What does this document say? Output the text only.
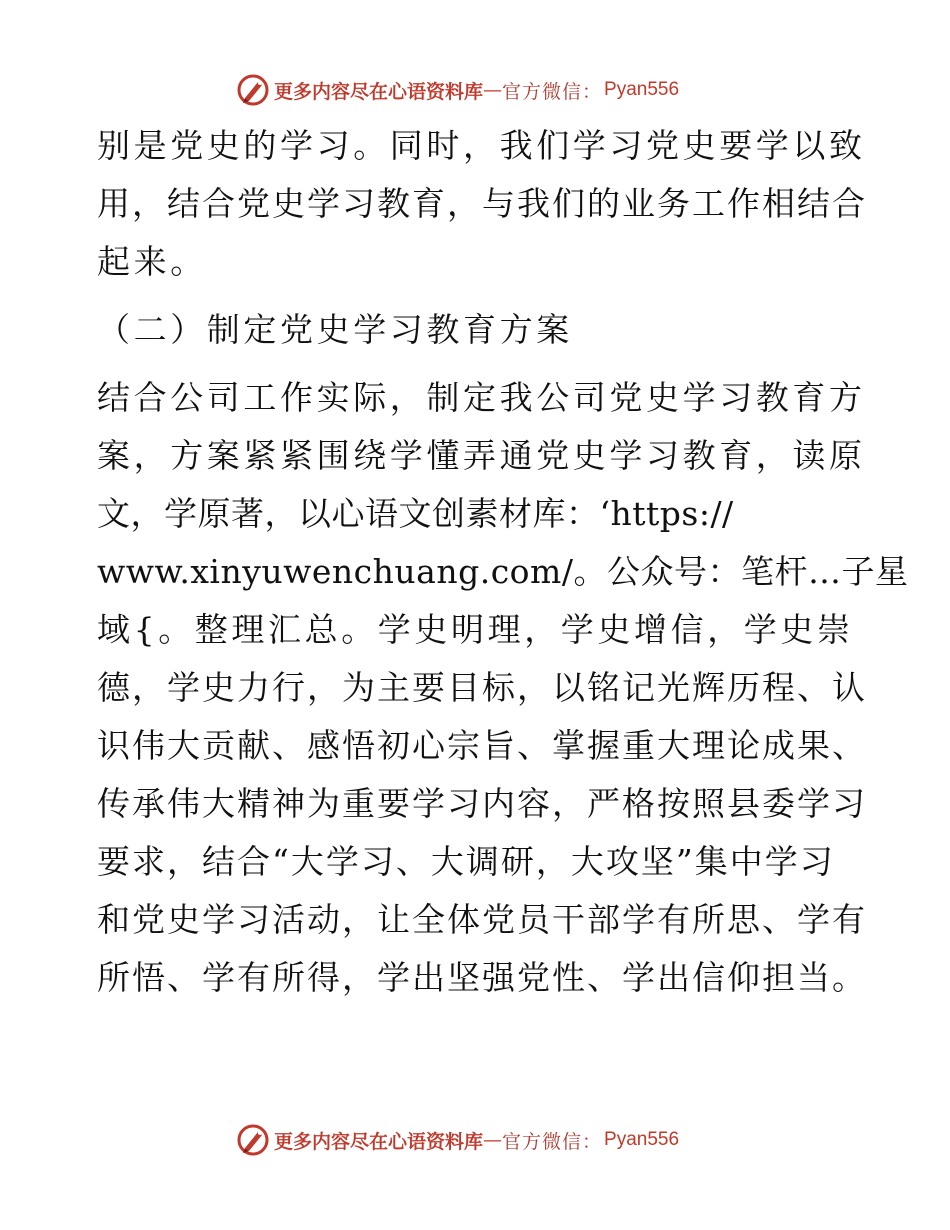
更多内容尽在心语资料库 — 官方微信： Pyan556
别是党史的学习。同时，我们学习党史要学以致
用，结合党史学习教育，与我们的业务工作相结合
起来。
（二）制定党史学习教育方案
结合公司工作实际，制定我公司党史学习教育方
案，方案紧紧围绕学懂弄通党史学习教育，读原
文，学原著，以心语文创素材库：‘https://
www.xinyuwenchuang.com/。公众号：笔杆…子星
域{。整理汇总。学史明理，学史增信，学史崇
德，学史力行，为主要目标，以铭记光辉历程、认
识伟大贡献、感悟初心宗旨、掌握重大理论成果、
传承伟大精神为重要学习内容，严格按照县委学习
要求，结合“大学习、大调研，大攻坚”集中学习
和党史学习活动，让全体党员干部学有所思、学有
所悟、学有所得，学出坚强党性、学出信仰担当。
更多内容尽在心语资料库 — 官方微信： Pyan556
